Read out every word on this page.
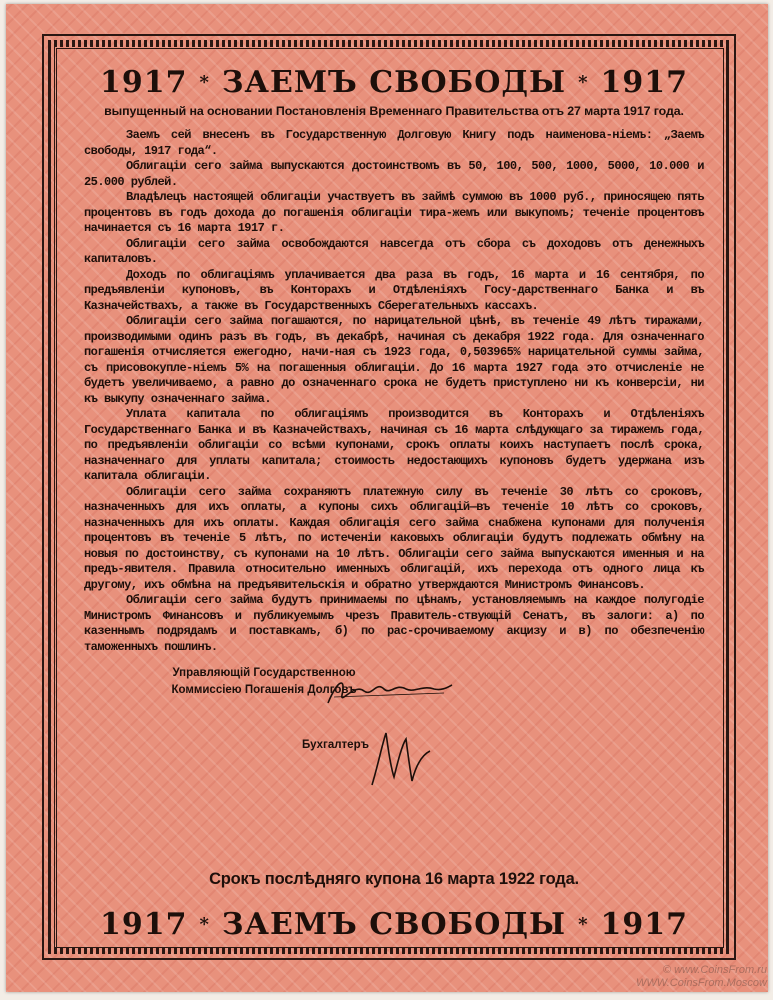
1917 * ЗАЕМЪ СВОБОДЫ * 1917
выпущенный на основании Постановленія Временнаго Правительства отъ 27 марта 1917 года.

Заемъ сей внесенъ въ Государственную Долговую Книгу подъ наименова-ніемъ: „Заемъ свободы, 1917 года“.

Облигаціи сего займа выпускаются достоинствомъ въ 50, 100, 500, 1000, 5000, 10.000 и 25.000 рублей.

Владѣлецъ настоящей облигаціи участвуетъ въ займѣ суммою въ 1000 руб., приносящею пять процентовъ въ годъ дохода до погашенія облигаціи тира-жемъ или выкупомъ; теченіе процентовъ начинается съ 16 марта 1917 г.

Облигаціи сего займа освобождаются навсегда отъ сбора съ доходовъ отъ денежныхъ капиталовъ.

Доходъ по облигаціямъ уплачивается два раза въ годъ, 16 марта и 16 сентября, по предъявленіи купоновъ, въ Конторахъ и Отдѣленіяхъ Госу-дарственнаго Банка и въ Казначействахъ, а также въ Государственныхъ Сберегательныхъ кассахъ.

Облигаціи сего займа погашаются, по нарицательной цѣнѣ, въ теченіе 49 лѣтъ тиражами, производимыми одинъ разъ въ годъ, въ декабрѣ, начиная съ декабря 1922 года. Для означеннаго погашенія отчисляется ежегодно, начи-ная съ 1923 года, 0,503965% нарицательной суммы займа, съ присовокупле-ніемъ 5% на погашенныя облигаціи. До 16 марта 1927 года это отчисленіе не будетъ увеличиваемо, а равно до означеннаго срока не будетъ приступлено ни къ конверсіи, ни къ выкупу означеннаго займа.

Уплата капитала по облигаціямъ производится въ Конторахъ и Отдѣленіяхъ Государственнаго Банка и въ Казначействахъ, начиная съ 16 марта слѣдующаго за тиражемъ года, по предъявленіи облигаціи со всѣми купонами, срокъ оплаты коихъ наступаетъ послѣ срока, назначеннаго для уплаты капитала; стоимость недостающихъ купоновъ будетъ удержана изъ капитала облигаціи.

Облигаціи сего займа сохраняютъ платежную силу въ теченіе 30 лѣтъ со сроковъ, назначенныхъ для ихъ оплаты, а купоны сихъ облигацій—въ теченіе 10 лѣтъ со сроковъ, назначенныхъ для ихъ оплаты. Каждая облигація сего займа снабжена купонами для полученія процентовъ въ теченіе 5 лѣтъ, по истеченіи каковыхъ облигаціи будутъ подлежать обмѣну на новыя по достоинству, съ купонами на 10 лѣтъ. Облигаціи сего займа выпускаются именныя и на предъ-явителя. Правила относительно именныхъ облигацій, ихъ перехода отъ одного лица къ другому, ихъ обмѣна на предъявительскія и обратно утверждаются Министромъ Финансовъ.

Облигаціи сего займа будутъ принимаемы по цѣнамъ, установляемымъ на каждое полугодіе Министромъ Финансовъ и публикуемымъ чрезъ Правитель-ствующій Сенатъ, въ залоги: а) по казеннымъ подрядамъ и поставкамъ, б) по рас-срочиваемому акцизу и в) по обезпеченію таможенныхъ пошлинъ.

Управляющій Государственною
Коммиссіею Погашенія Долговъ
Бухгалтеръ
Срокъ послѣдняго купона 16 марта 1922 года.
1917 * ЗАЕМЪ СВОБОДЫ * 1917
© www.CoinsFrom.ru
WWW.CoinsFrom.Moscow
